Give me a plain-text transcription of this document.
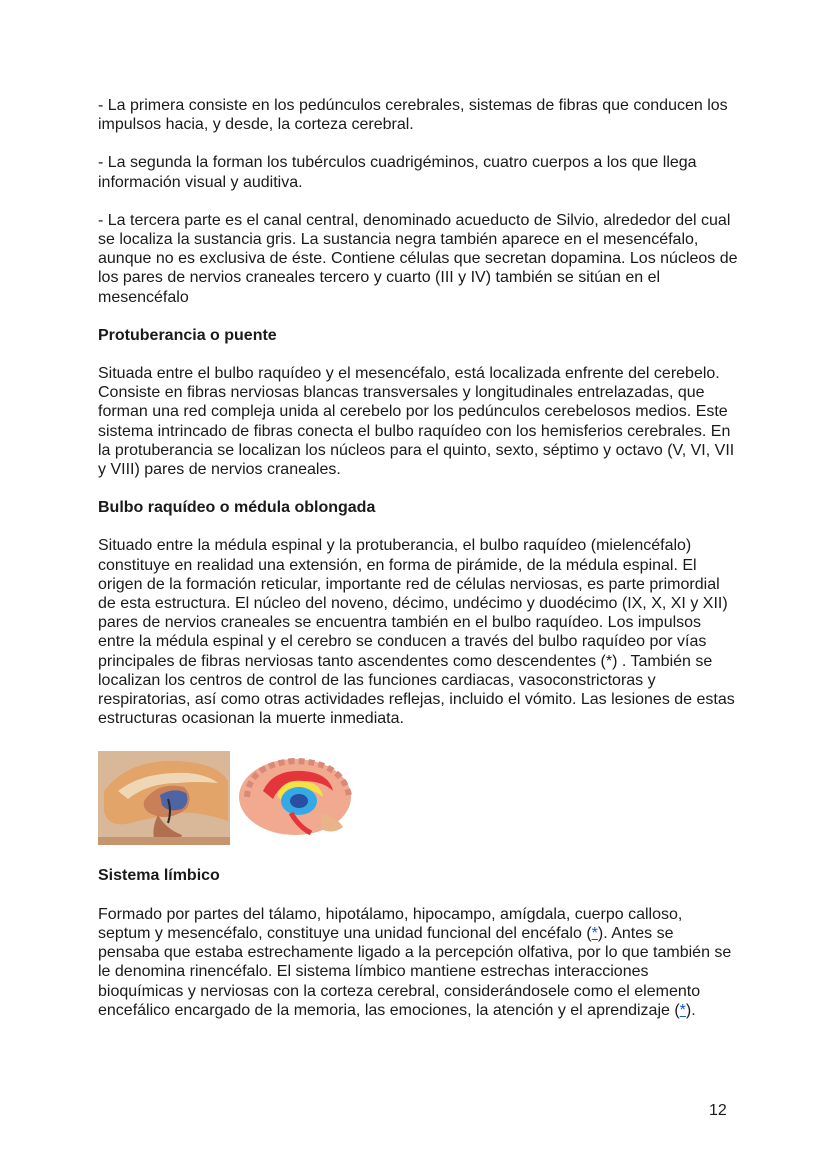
- La primera consiste en los pedúnculos cerebrales, sistemas de fibras que conducen los impulsos hacia, y desde, la corteza cerebral.

- La segunda la forman los tubérculos cuadrigéminos, cuatro cuerpos a los que llega información visual y auditiva.

- La tercera parte es el canal central, denominado acueducto de Silvio, alrededor del cual se localiza la sustancia gris. La sustancia negra también aparece en el mesencéfalo, aunque no es exclusiva de éste. Contiene células que secretan dopamina. Los núcleos de los pares de nervios craneales tercero y cuarto (III y IV) también se sitúan en el mesencéfalo

Protuberancia o puente

Situada entre el bulbo raquídeo y el mesencéfalo, está localizada enfrente del cerebelo. Consiste en fibras nerviosas blancas transversales y longitudinales entrelazadas, que forman una red compleja unida al cerebelo por los pedúnculos cerebelosos medios. Este sistema intrincado de fibras conecta el bulbo raquídeo con los hemisferios cerebrales. En la protuberancia se localizan los núcleos para el quinto, sexto, séptimo y octavo (V, VI, VII y VIII) pares de nervios craneales.

Bulbo raquídeo o médula oblongada

Situado entre la médula espinal y la protuberancia, el bulbo raquídeo (mielencéfalo) constituye en realidad una extensión, en forma de pirámide, de la médula espinal. El origen de la formación reticular, importante red de células nerviosas, es parte primordial de esta estructura. El núcleo del noveno, décimo, undécimo y duodécimo (IX, X, XI y XII) pares de nervios craneales se encuentra también en el bulbo raquídeo. Los impulsos entre la médula espinal y el cerebro se conducen a través del bulbo raquídeo por vías principales de fibras nerviosas tanto ascendentes como descendentes (*) . También se localizan los centros de control de las funciones cardiacas, vasoconstrictoras y respiratorias, así como otras actividades reflejas, incluido el vómito. Las lesiones de estas estructuras ocasionan la muerte inmediata.

Sistema límbico

Formado por partes del tálamo, hipotálamo, hipocampo, amígdala, cuerpo calloso, septum y mesencéfalo, constituye una unidad funcional del encéfalo (*). Antes se pensaba que estaba estrechamente ligado a la percepción olfativa, por lo que también se le denomina rinencéfalo. El sistema límbico mantiene estrechas interacciones bioquímicas y nerviosas con la corteza cerebral, considerándosele como el elemento encefálico encargado de la memoria, las emociones, la atención y el aprendizaje (*).

12
